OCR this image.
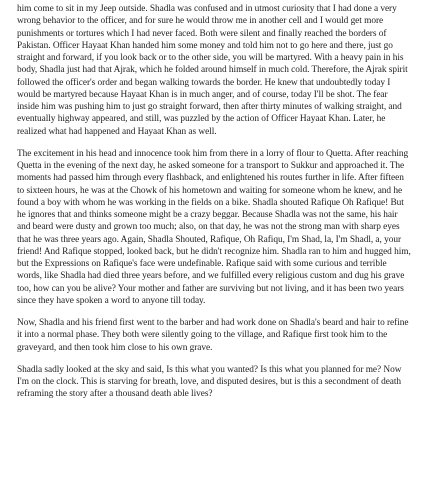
him come to sit in my Jeep outside. Shadla was confused and in utmost curiosity that I had done a very wrong behavior to the officer, and for sure he would throw me in another cell and I would get more punishments or tortures which I had never faced. Both were silent and finally reached the borders of Pakistan. Officer Hayaat Khan handed him some money and told him not to go here and there, just go straight and forward, if you look back or to the other side, you will be martyred. With a heavy pain in his body, Shadla just had that Ajrak, which he folded around himself in much cold. Therefore, the Ajrak spirit followed the officer's order and began walking towards the border. He knew that undoubtedly today I would be martyred because Hayaat Khan is in much anger, and of course, today I'll be shot. The fear inside him was pushing him to just go straight forward, then after thirty minutes of walking straight, and eventually highway appeared, and still, was puzzled by the action of Officer Hayaat Khan. Later, he realized what had happened and Hayaat Khan as well.

The excitement in his head and innocence took him from there in a lorry of flour to Quetta. After reaching Quetta in the evening of the next day, he asked someone for a transport to Sukkur and approached it. The moments had passed him through every flashback, and enlightened his routes further in life. After fifteen to sixteen hours, he was at the Chowk of his hometown and waiting for someone whom he knew, and he found a boy with whom he was working in the fields on a bike. Shadla shouted Rafique Oh Rafique! But he ignores that and thinks someone might be a crazy beggar. Because Shadla was not the same, his hair and beard were dusty and grown too much; also, on that day, he was not the strong man with sharp eyes that he was three years ago. Again, Shadla Shouted, Rafique, Oh Rafiqu, I'm Shad, la, I'm Shadl, a, your friend! And Rafique stopped, looked back, but he didn't recognize him. Shadla ran to him and hugged him, but the Expressions on Rafique's face were undefinable. Rafique said with some curious and terrible words, like Shadla had died three years before, and we fulfilled every religious custom and dug his grave too, how can you be alive? Your mother and father are surviving but not living, and it has been two years since they have spoken a word to anyone till today.

Now, Shadla and his friend first went to the barber and had work done on Shadla's beard and hair to refine it into a normal phase. They both were silently going to the village, and Rafique first took him to the graveyard, and then took him close to his own grave.

Shadla sadly looked at the sky and said, Is this what you wanted? Is this what you planned for me? Now I'm on the clock. This is starving for breath, love, and disputed desires, but is this a secondment of death reframing the story after a thousand death able lives?
